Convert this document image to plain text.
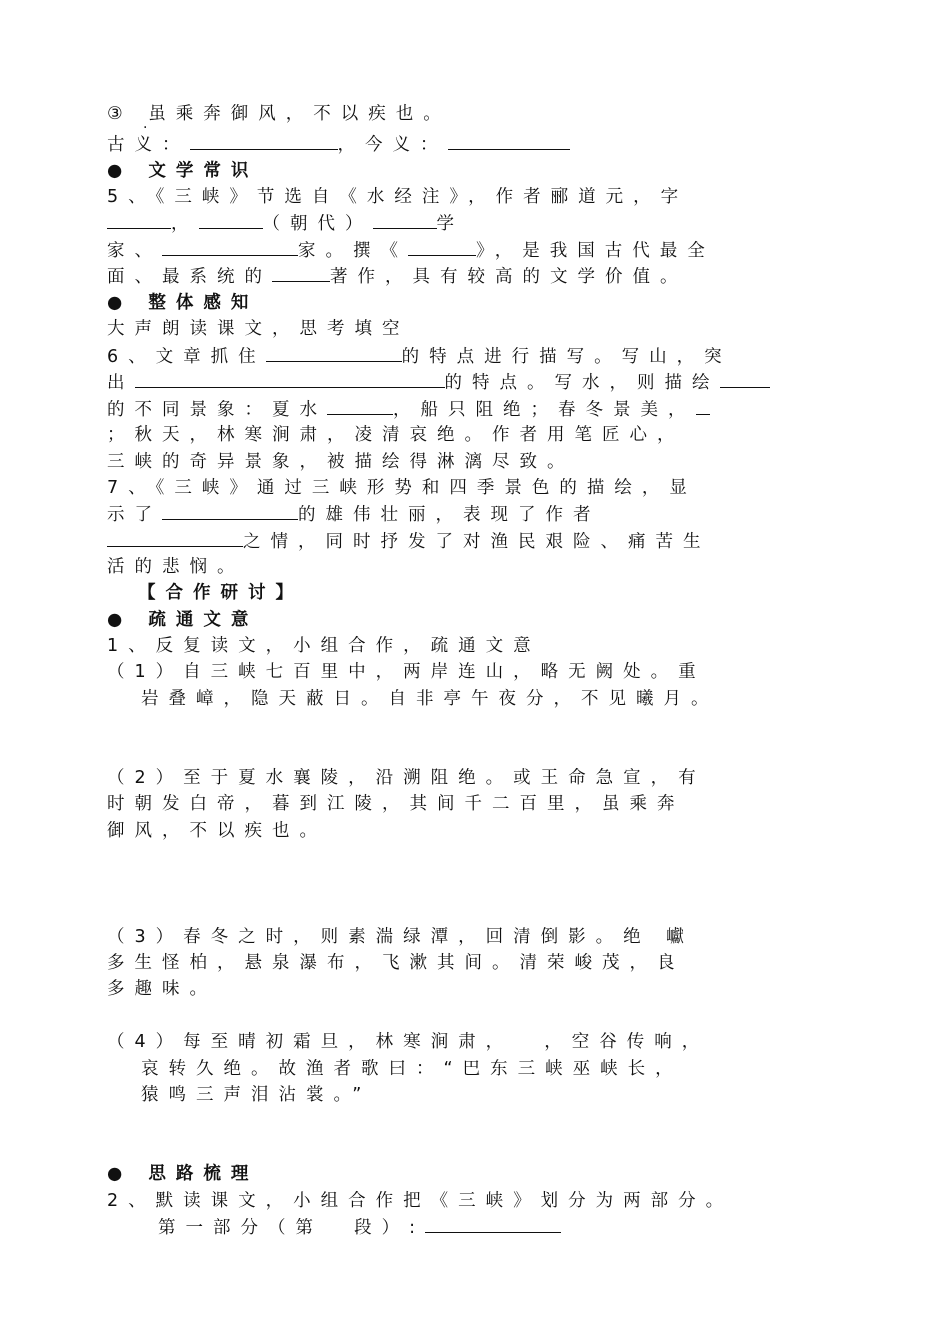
③ 虽乘奔御风，不以疾也。
古义：	，今义：
● 文学常识
5、《三峡》节选自《水经注》，作者郦道元，字
，	（朝代）	学
家、	家。撰《	》，是我国古代最全
面、最系统的	著作，具有较高的文学价值。
● 整体感知
大声朗读课文，思考填空
6、文章抓住	的特点进行描写。写山，突
出	的特点。写水，则描绘
的不同景象：夏水	，船只阻绝；春冬景美，
；秋天，林寒涧肃，凌清哀绝。作者用笔匠心，
三峡的奇异景象，被描绘得淋漓尽致。
7、《三峡》通过三峡形势和四季景色的描绘，显
示了	的雄伟壮丽，表现了作者
之情，同时抒发了对渔民艰险、痛苦生
活的悲悯。
【合作研讨】
● 疏通文意
1、反复读文，小组合作，疏通文意
（1）自三峡七百里中，两岸连山，略无阙处。重
岩叠嶂，隐天蔽日。自非亭午夜分，不见曦月。
（2）至于夏水襄陵，沿溯阻绝。或王命急宣，有
时朝发白帝，暮到江陵，其间千二百里，虽乘奔
御风，不以疾也。
（3）春冬之时，则素湍绿潭，回清倒影。绝 巘
多生怪柏，悬泉瀑布，飞漱其间。清荣峻茂，良
多趣味。
（4）每至晴初霜旦，林寒涧肃，  ，空谷传响，
哀转久绝。故渔者歌曰：“巴东三峡巫峡长，
猿鸣三声泪沾裳。”
● 思路梳理
2、默读课文，小组合作把《三峡》划分为两部分。
第一部分（第  段）:
·
